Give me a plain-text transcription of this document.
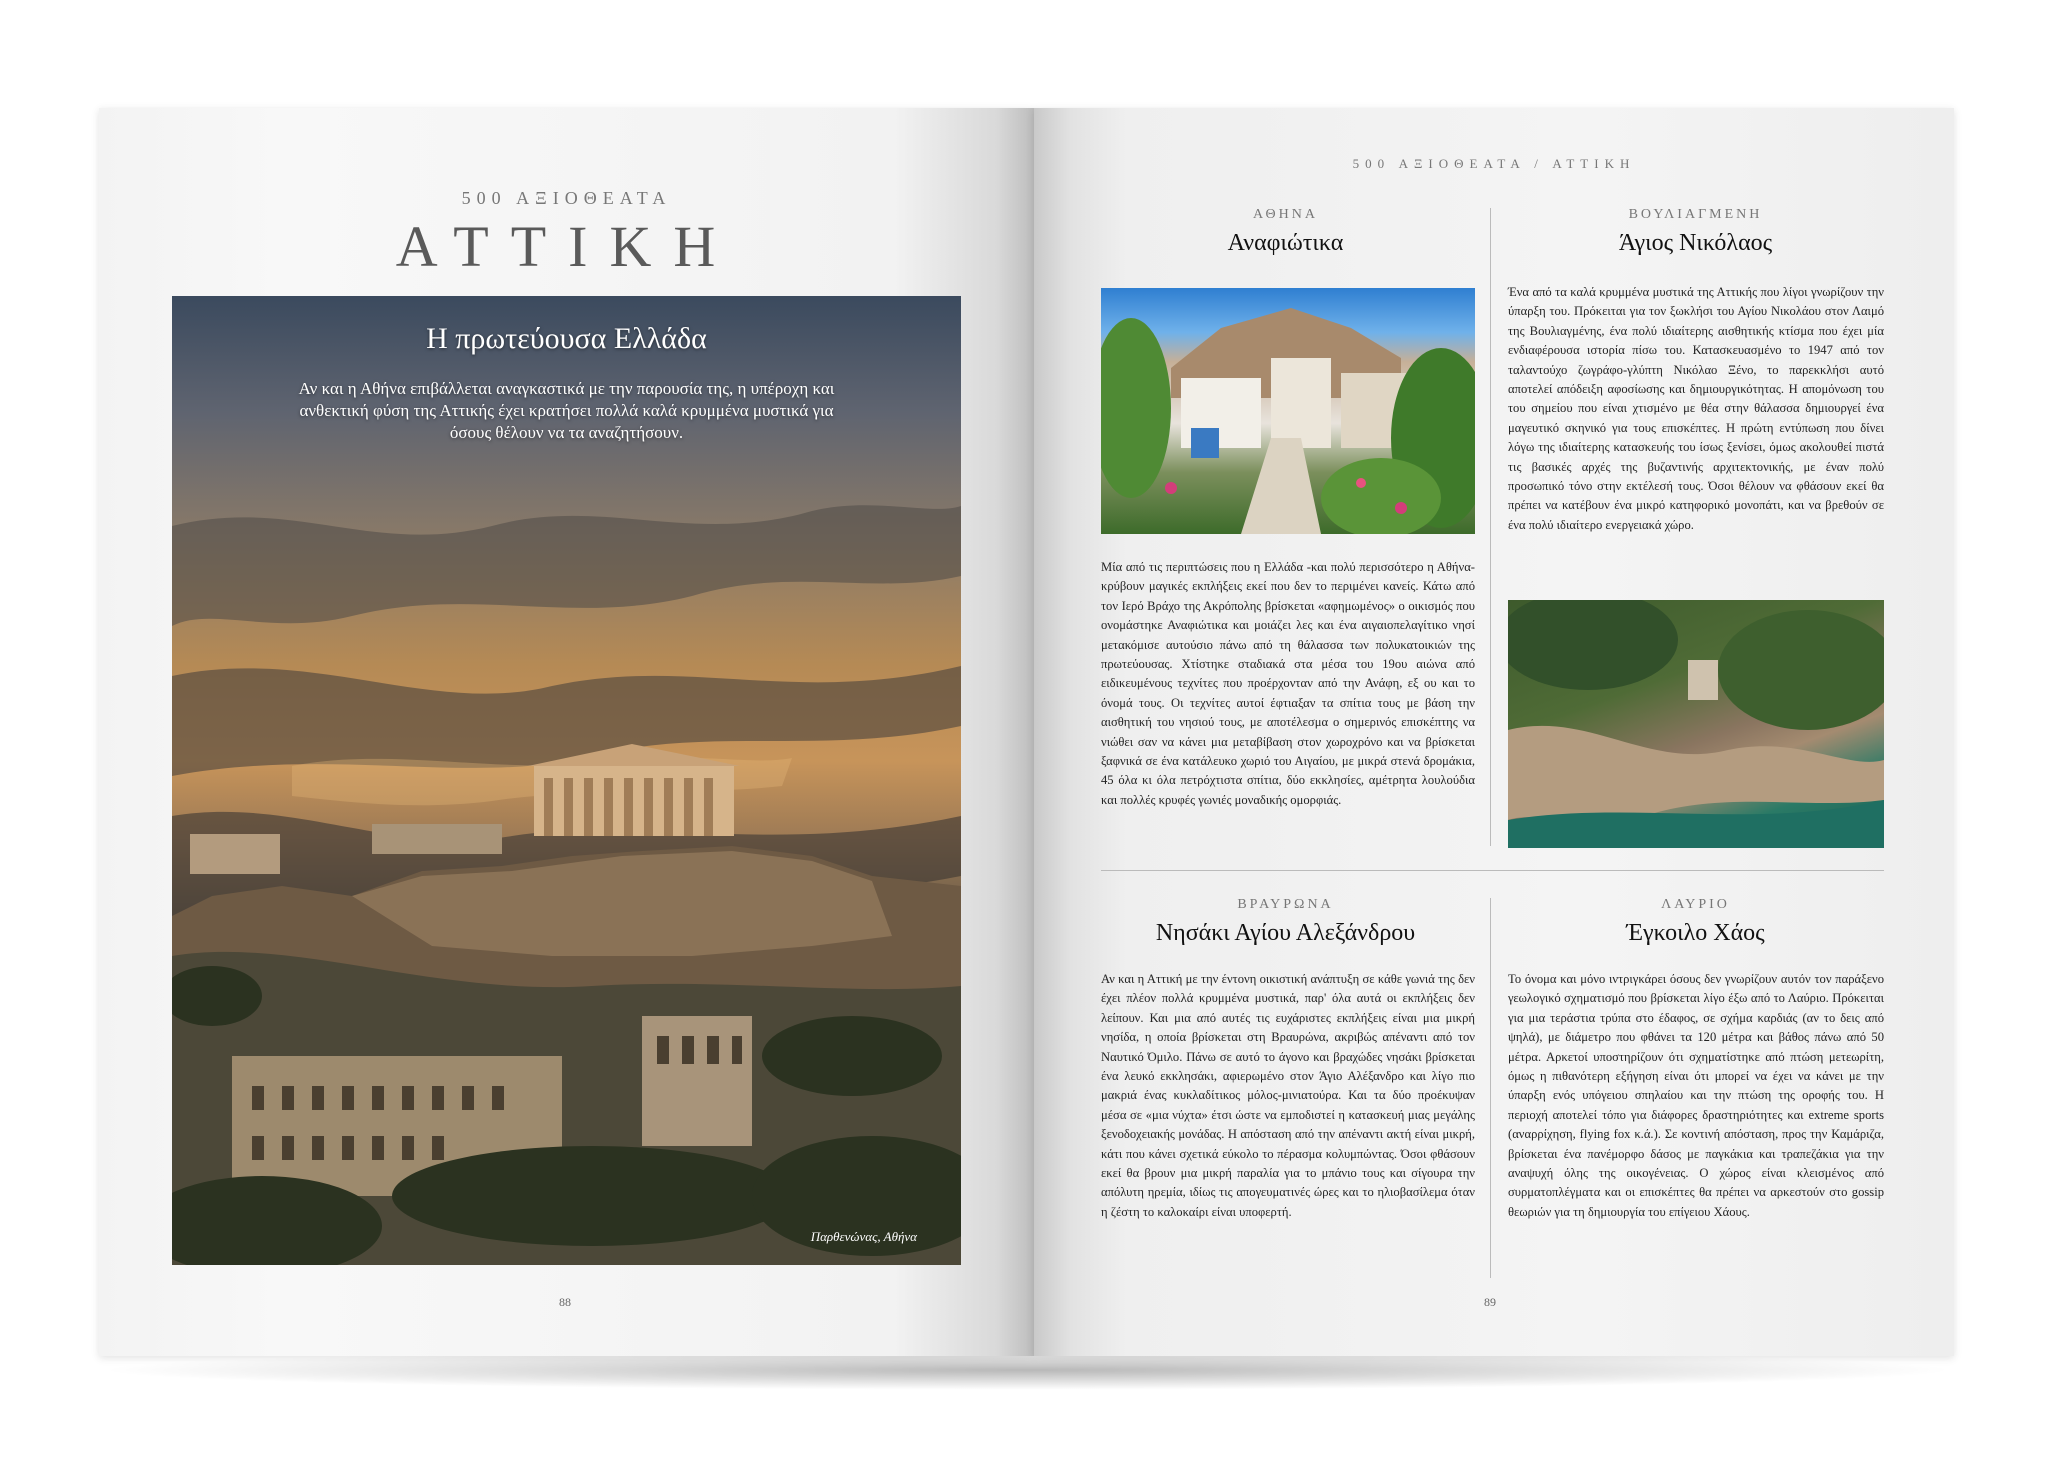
500 ΑΞΙΟΘΕΑΤΑ
ΑΤΤΙΚΗ
Η πρωτεύουσα Ελλάδα
Αν και η Αθήνα επιβάλλεται αναγκαστικά με την παρουσία της, η υπέροχη και ανθεκτική φύση της Αττικής έχει κρατήσει πολλά καλά κρυμμένα μυστικά για όσους θέλουν να τα αναζητήσουν.
Παρθενώνας, Αθήνα
88
500 ΑΞΙΟΘΕΑΤΑ / ΑΤΤΙΚΗ
ΑΘΗΝΑ
Αναφιώτικα
Μία από τις περιπτώσεις που η Ελλάδα -και πολύ περισσότερο η Αθήνα- κρύβουν μαγικές εκπλήξεις εκεί που δεν το περιμένει κανείς. Κάτω από τον Ιερό Βράχο της Ακρόπολης βρίσκεται «αφημωμένος» ο οικισμός που ονομάστηκε Αναφιώτικα και μοιάζει λες και ένα αιγαιοπελαγίτικο νησί μετακόμισε αυτούσιο πάνω από τη θάλασσα των πολυκατοικιών της πρωτεύουσας. Χτίστηκε σταδιακά στα μέσα του 19ου αιώνα από ειδικευμένους τεχνίτες που προέρχονταν από την Ανάφη, εξ ου και το όνομά τους. Οι τεχνίτες αυτοί έφτιαξαν τα σπίτια τους με βάση την αισθητική του νησιού τους, με αποτέλεσμα ο σημερινός επισκέπτης να νιώθει σαν να κάνει μια μεταβίβαση στον χωροχρόνο και να βρίσκεται ξαφνικά σε ένα κατάλευκο χωριό του Αιγαίου, με μικρά στενά δρομάκια, 45 όλα κι όλα πετρόχτιστα σπίτια, δύο εκκλησίες, αμέτρητα λουλούδια και πολλές κρυφές γωνιές μοναδικής ομορφιάς.
ΒΟΥΛΙΑΓΜΕΝΗ
Άγιος Νικόλαος
Ένα από τα καλά κρυμμένα μυστικά της Αττικής που λίγοι γνωρίζουν την ύπαρξη του. Πρόκειται για τον ξωκλήσι του Αγίου Νικολάου στον Λαιμό της Βουλιαγμένης, ένα πολύ ιδιαίτερης αισθητικής κτίσμα που έχει μία ενδιαφέρουσα ιστορία πίσω του. Κατασκευασμένο το 1947 από τον ταλαντούχο ζωγράφο-γλύπτη Νικόλαο Ξένο, το παρεκκλήσι αυτό αποτελεί απόδειξη αφοσίωσης και δημιουργικότητας. Η απομόνωση του του σημείου που είναι χτισμένο με θέα στην θάλασσα δημιουργεί ένα μαγευτικό σκηνικό για τους επισκέπτες. Η πρώτη εντύπωση που δίνει λόγω της ιδιαίτερης κατασκευής του ίσως ξενίσει, όμως ακολουθεί πιστά τις βασικές αρχές της βυζαντινής αρχιτεκτονικής, με έναν πολύ προσωπικό τόνο στην εκτέλεσή τους. Όσοι θέλουν να φθάσουν εκεί θα πρέπει να κατέβουν ένα μικρό κατηφορικό μονοπάτι, και να βρεθούν σε ένα πολύ ιδιαίτερο ενεργειακά χώρο.
ΒΡΑΥΡΩΝΑ
Νησάκι Αγίου Αλεξάνδρου
Αν και η Αττική με την έντονη οικιστική ανάπτυξη σε κάθε γωνιά της δεν έχει πλέον πολλά κρυμμένα μυστικά, παρ' όλα αυτά οι εκπλήξεις δεν λείπουν. Και μια από αυτές τις ευχάριστες εκπλήξεις είναι μια μικρή νησίδα, η οποία βρίσκεται στη Βραυρώνα, ακριβώς απέναντι από τον Ναυτικό Όμιλο. Πάνω σε αυτό το άγονο και βραχώδες νησάκι βρίσκεται ένα λευκό εκκλησάκι, αφιερωμένο στον Άγιο Αλέξανδρο και λίγο πιο μακριά ένας κυκλαδίτικος μόλος-μινιατούρα. Και τα δύο προέκυψαν μέσα σε «μια νύχτα» έτσι ώστε να εμποδιστεί η κατασκευή μιας μεγάλης ξενοδοχειακής μονάδας. Η απόσταση από την απέναντι ακτή είναι μικρή, κάτι που κάνει σχετικά εύκολο το πέρασμα κολυμπώντας. Όσοι φθάσουν εκεί θα βρουν μια μικρή παραλία για το μπάνιο τους και σίγουρα την απόλυτη ηρεμία, ιδίως τις απογευματινές ώρες και το ηλιοβασίλεμα όταν η ζέστη το καλοκαίρι είναι υποφερτή.
ΛΑΥΡΙΟ
Έγκοιλο Χάος
Το όνομα και μόνο ιντριγκάρει όσους δεν γνωρίζουν αυτόν τον παράξενο γεωλογικό σχηματισμό που βρίσκεται λίγο έξω από το Λαύριο. Πρόκειται για μια τεράστια τρύπα στο έδαφος, σε σχήμα καρδιάς (αν το δεις από ψηλά), με διάμετρο που φθάνει τα 120 μέτρα και βάθος πάνω από 50 μέτρα. Αρκετοί υποστηρίζουν ότι σχηματίστηκε από πτώση μετεωρίτη, όμως η πιθανότερη εξήγηση είναι ότι μπορεί να έχει να κάνει με την ύπαρξη ενός υπόγειου σπηλαίου και την πτώση της οροφής του. Η περιοχή αποτελεί τόπο για διάφορες δραστηριότητες και extreme sports (αναρρίχηση, flying fox κ.ά.). Σε κοντινή απόσταση, προς την Καμάριζα, βρίσκεται ένα πανέμορφο δάσος με παγκάκια και τραπεζάκια για την αναψυχή όλης της οικογένειας. Ο χώρος είναι κλεισμένος από συρματοπλέγματα και οι επισκέπτες θα πρέπει να αρκεστούν στο gossip θεωριών για τη δημιουργία του επίγειου Χάους.
89
